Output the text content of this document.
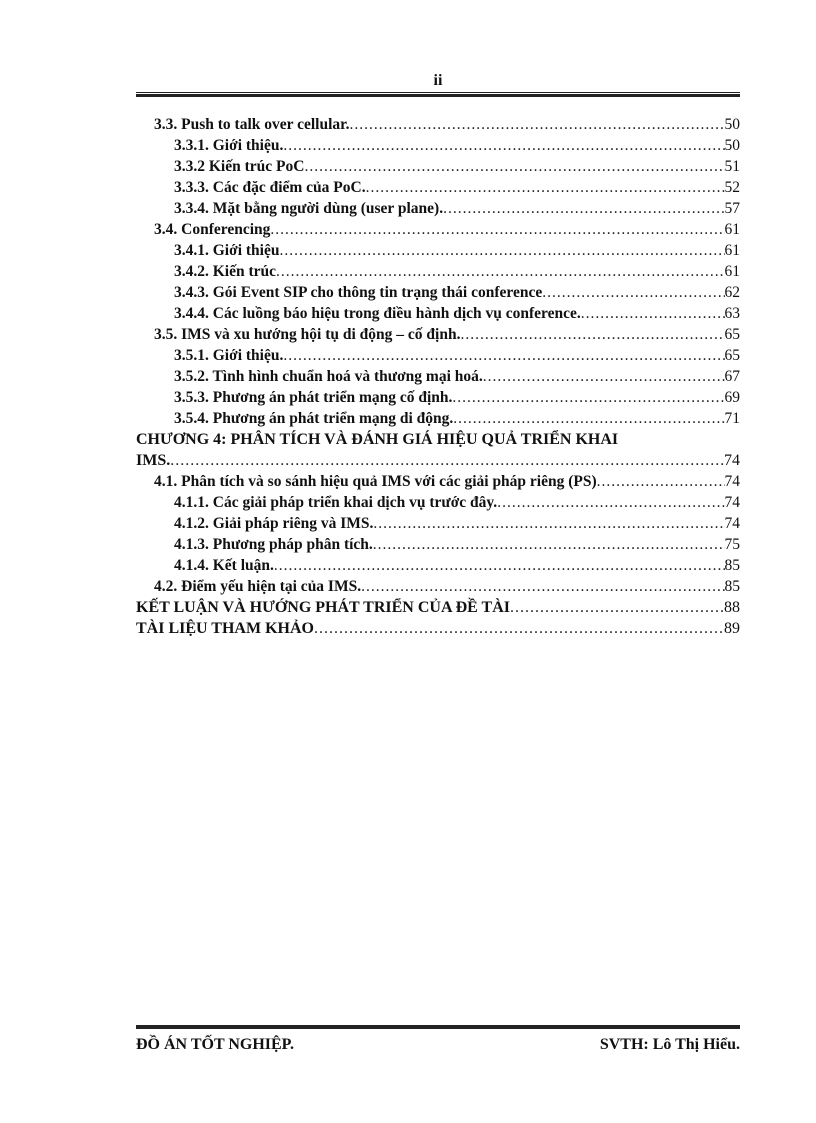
ii
3.3. Push to talk over cellular. .....	50
3.3.1. Giới thiệu. .....	50
3.3.2 Kiến trúc PoC .....	51
3.3.3. Các đặc điểm của PoC. .....	52
3.3.4. Mặt bằng người dùng (user plane). .....	57
3.4. Conferencing .....	61
3.4.1. Giới thiệu .....	61
3.4.2. Kiến trúc .....	61
3.4.3. Gói Event SIP cho thông tin trạng thái conference .....	62
3.4.4. Các luồng báo hiệu trong điều hành dịch vụ conference. .....	63
3.5. IMS và xu hướng hội tụ di động – cố định. .....	65
3.5.1. Giới thiệu. .....	65
3.5.2. Tình hình chuẩn hoá và thương mại hoá. .....	67
3.5.3. Phương án phát triển mạng cố định. .....	69
3.5.4. Phương án phát triển mạng di động. .....	71
CHƯƠNG 4: PHÂN TÍCH VÀ ĐÁNH GIÁ HIỆU QUẢ TRIỂN KHAI
IMS. .....	74
4.1. Phân tích và so sánh hiệu quả IMS với các giải pháp riêng (PS) .....	74
4.1.1. Các giải pháp triển khai dịch vụ trước đây. .....	74
4.1.2. Giải pháp riêng và IMS. .....	74
4.1.3. Phương pháp phân tích. .....	75
4.1.4. Kết luận. .....	85
4.2. Điểm yếu hiện tại của IMS. .....	85
KẾT LUẬN VÀ HƯỚNG PHÁT TRIỂN CỦA ĐỀ TÀI .....	88
TÀI LIỆU THAM KHẢO .....	89
ĐỒ ÁN TỐT NGHIỆP.	SVTH: Lô Thị Hiểu.
